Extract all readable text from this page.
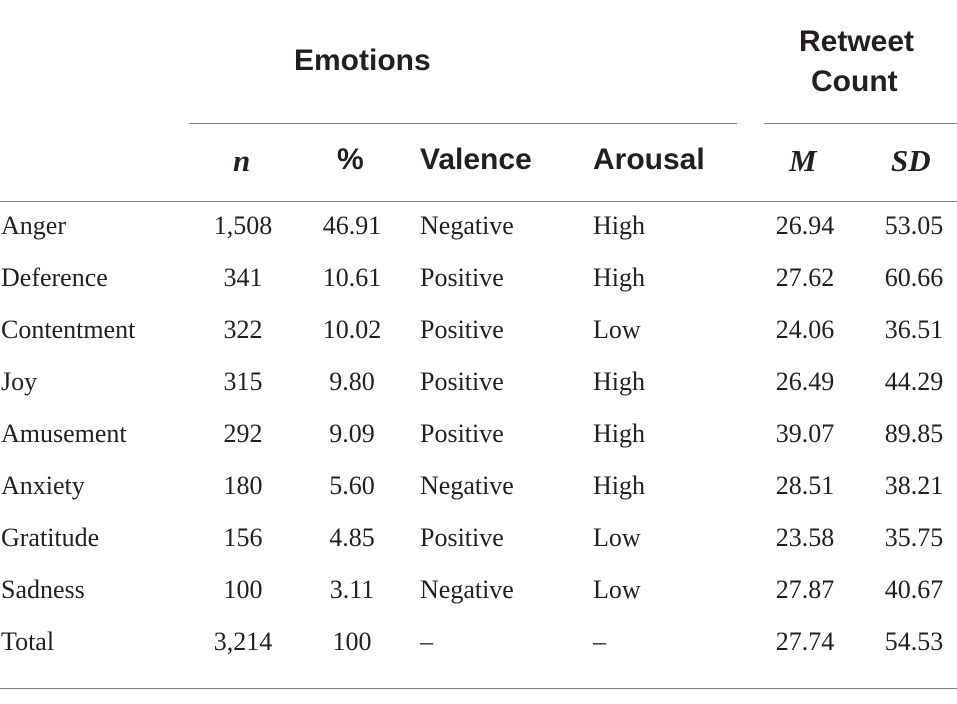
Emotions
Retweet
Count
n	% Valence Arousal	M SD
Anger	1,508 46.91 Negative	High	26.94 53.05
Deference	341 10.61 Positive	High	27.62 60.66
Contentment	322 10.02 Positive	Low	24.06 36.51
Joy	315	9.80 Positive	High	26.49 44.29
Amusement	292	9.09 Positive	High	39.07 89.85
Anxiety	180	5.60 Negative	High	28.51 38.21
Gratitude	156	4.85 Positive	Low	23.58 35.75
Sadness	100	3.11 Negative	Low	27.87 40.67
Total	3,214 100 –	–	27.74 54.53
